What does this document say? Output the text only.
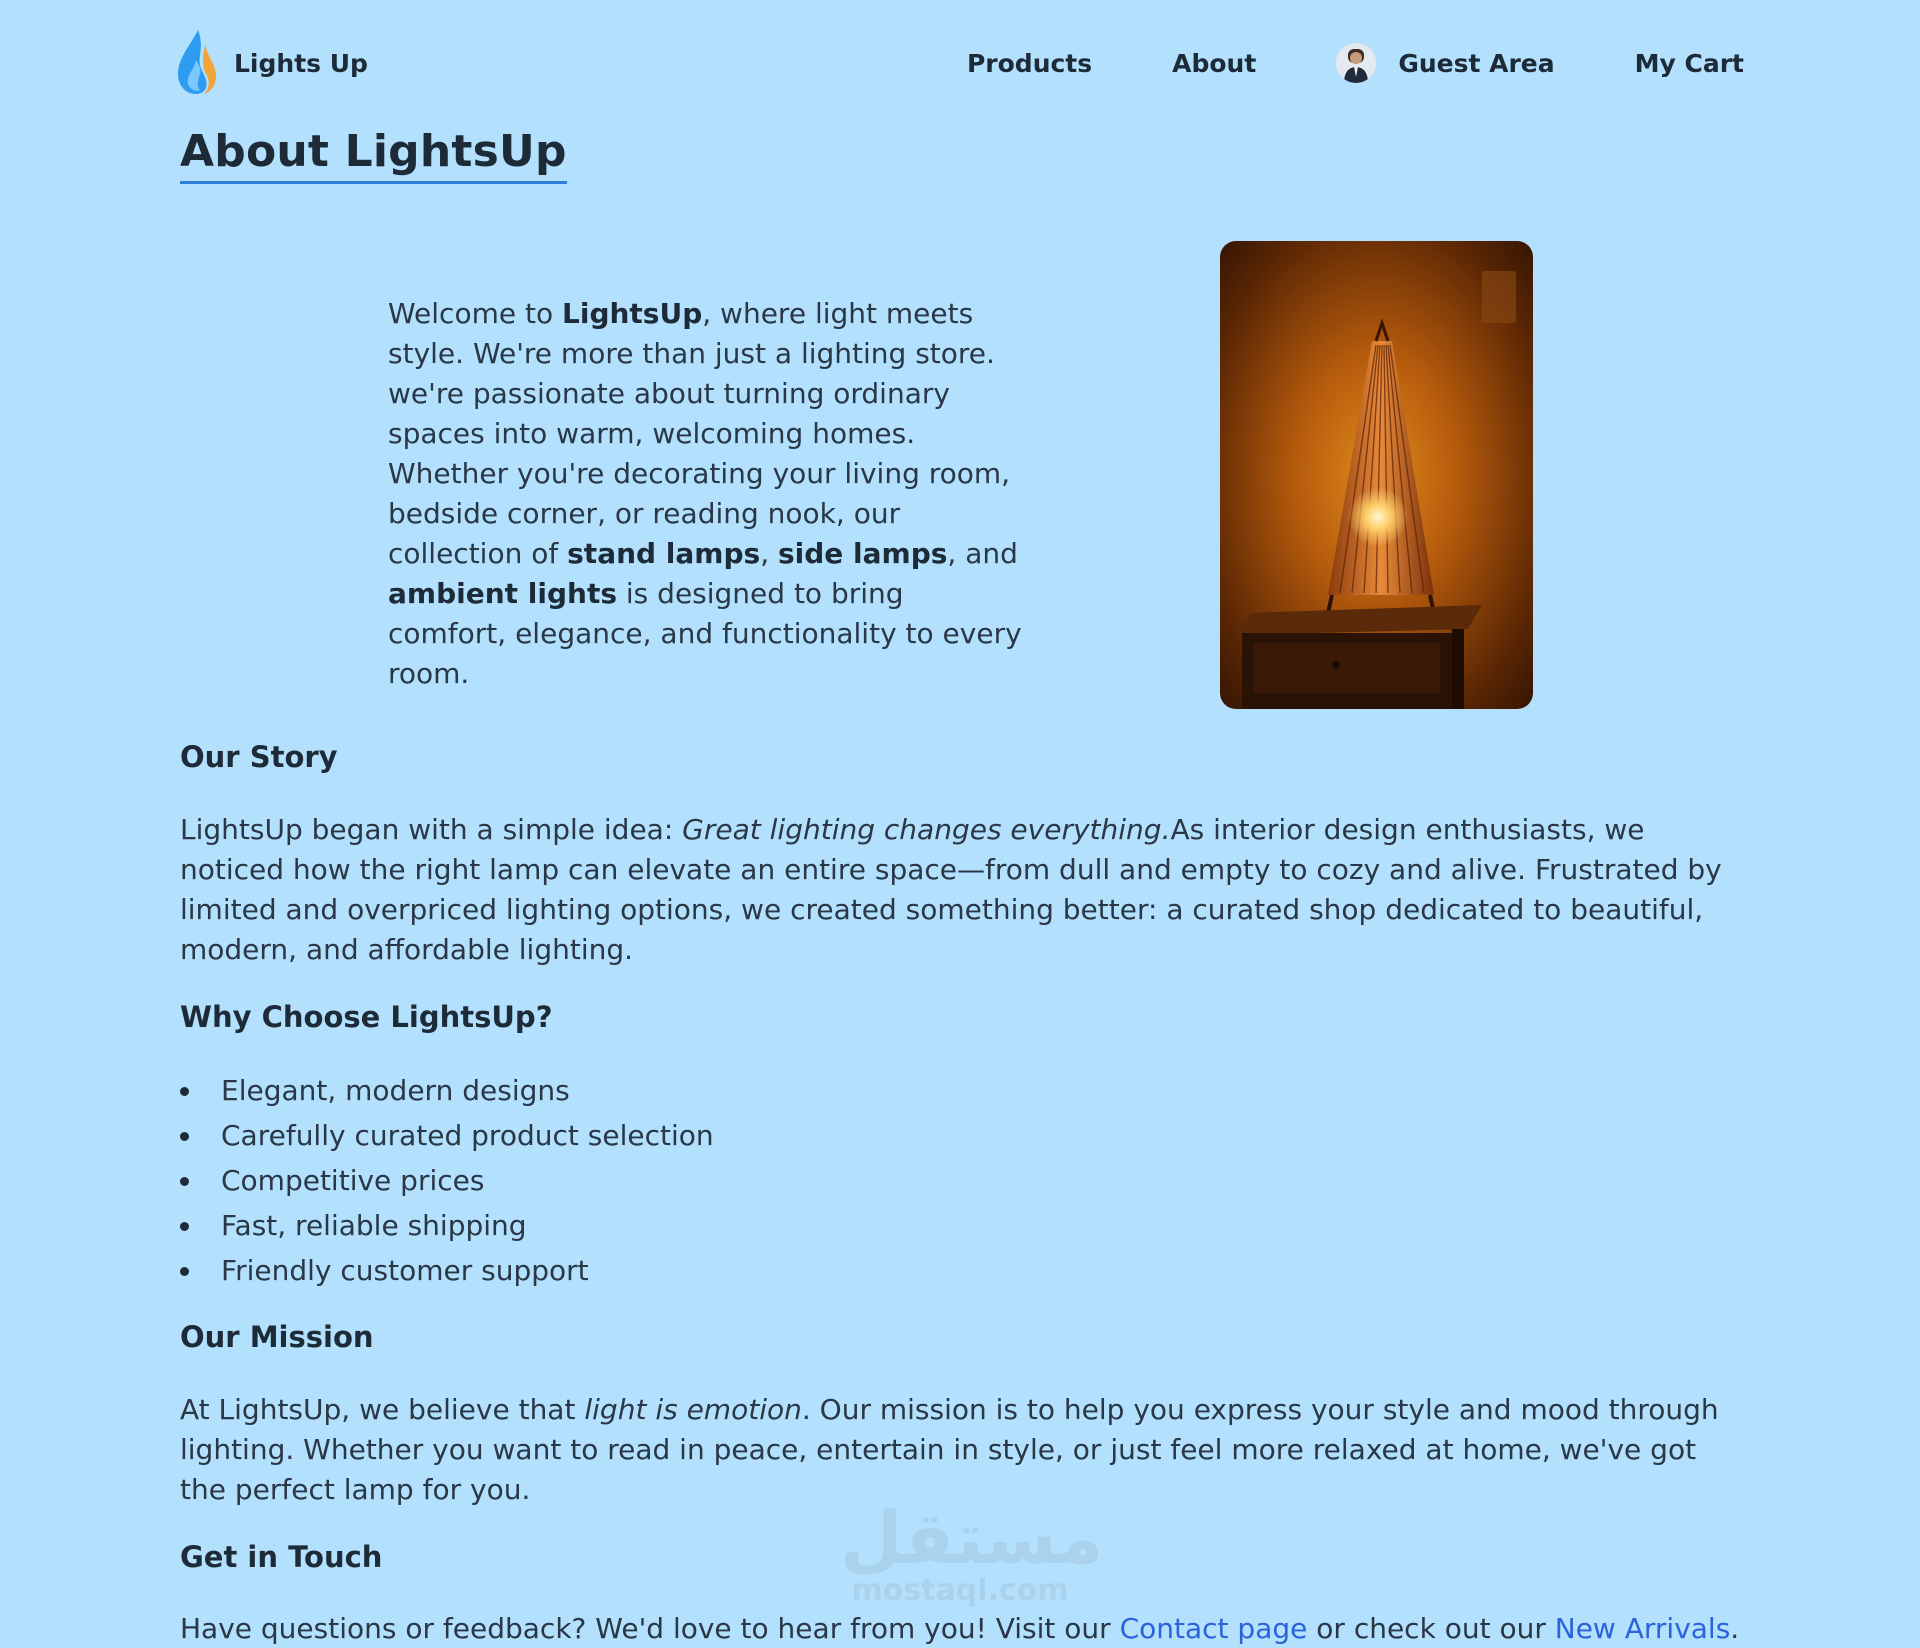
Lights Up	Products	About	Guest Area	My Cart
About LightsUp

Welcome to LightsUp, where light meets style. We're more than just a lighting store. we're passionate about turning ordinary spaces into warm, welcoming homes. Whether you're decorating your living room, bedside corner, or reading nook, our collection of stand lamps, side lamps, and ambient lights is designed to bring comfort, elegance, and functionality to every room.

Our Story

LightsUp began with a simple idea: Great lighting changes everything.As interior design enthusiasts, we noticed how the right lamp can elevate an entire space—from dull and empty to cozy and alive. Frustrated by limited and overpriced lighting options, we created something better: a curated shop dedicated to beautiful, modern, and affordable lighting.

Why Choose LightsUp?
Elegant, modern designs
Carefully curated product selection
Competitive prices
Fast, reliable shipping
Friendly customer support
Our Mission

At LightsUp, we believe that light is emotion. Our mission is to help you express your style and mood through lighting. Whether you want to read in peace, entertain in style, or just feel more relaxed at home, we've got the perfect lamp for you.

مستقل
mostaql.com
Get in Touch

Have questions or feedback? We'd love to hear from you! Visit our Contact page or check out our New Arrivals.
